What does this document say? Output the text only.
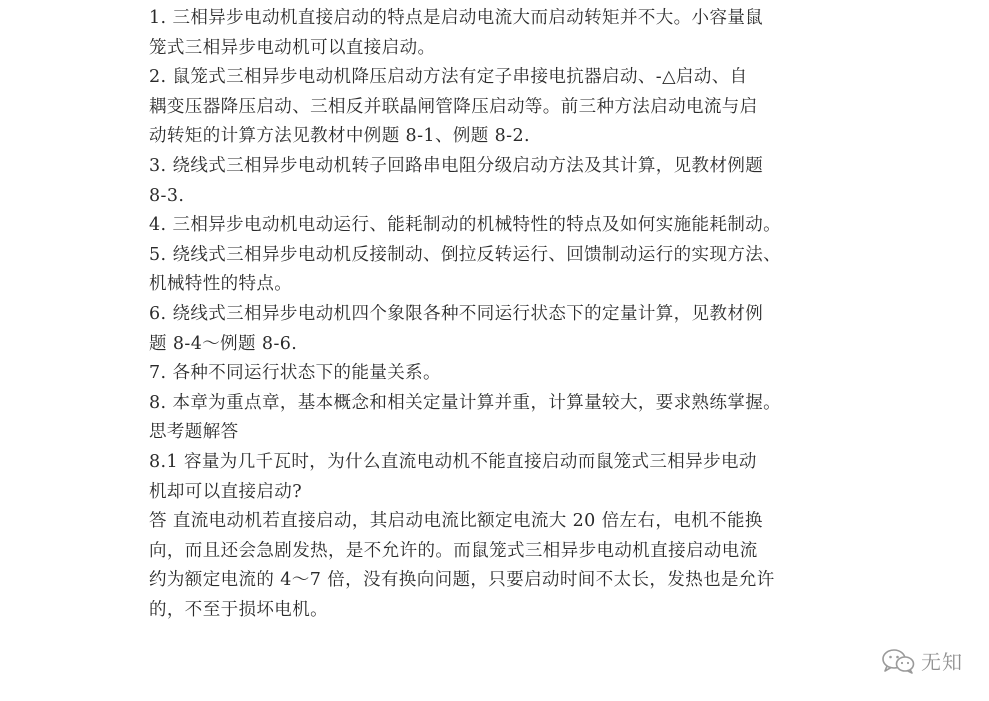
1. 三相异步电动机直接启动的特点是启动电流大而启动转矩并不大。小容量鼠
笼式三相异步电动机可以直接启动。
2. 鼠笼式三相异步电动机降压启动方法有定子串接电抗器启动、-△启动、自
耦变压器降压启动、三相反并联晶闸管降压启动等。前三种方法启动电流与启
动转矩的计算方法见教材中例题 8-1、例题 8-2.
3. 绕线式三相异步电动机转子回路串电阻分级启动方法及其计算，见教材例题
8-3.
4. 三相异步电动机电动运行、能耗制动的机械特性的特点及如何实施能耗制动。
5. 绕线式三相异步电动机反接制动、倒拉反转运行、回馈制动运行的实现方法、
机械特性的特点。
6. 绕线式三相异步电动机四个象限各种不同运行状态下的定量计算，见教材例
题 8-4～例题 8-6.
7. 各种不同运行状态下的能量关系。
8. 本章为重点章，基本概念和相关定量计算并重，计算量较大，要求熟练掌握。
思考题解答
8.1 容量为几千瓦时，为什么直流电动机不能直接启动而鼠笼式三相异步电动
机却可以直接启动?
答 直流电动机若直接启动，其启动电流比额定电流大 20 倍左右，电机不能换
向，而且还会急剧发热，是不允许的。而鼠笼式三相异步电动机直接启动电流
约为额定电流的 4～7 倍，没有换向问题，只要启动时间不太长，发热也是允许
的，不至于损坏电机。
无知
